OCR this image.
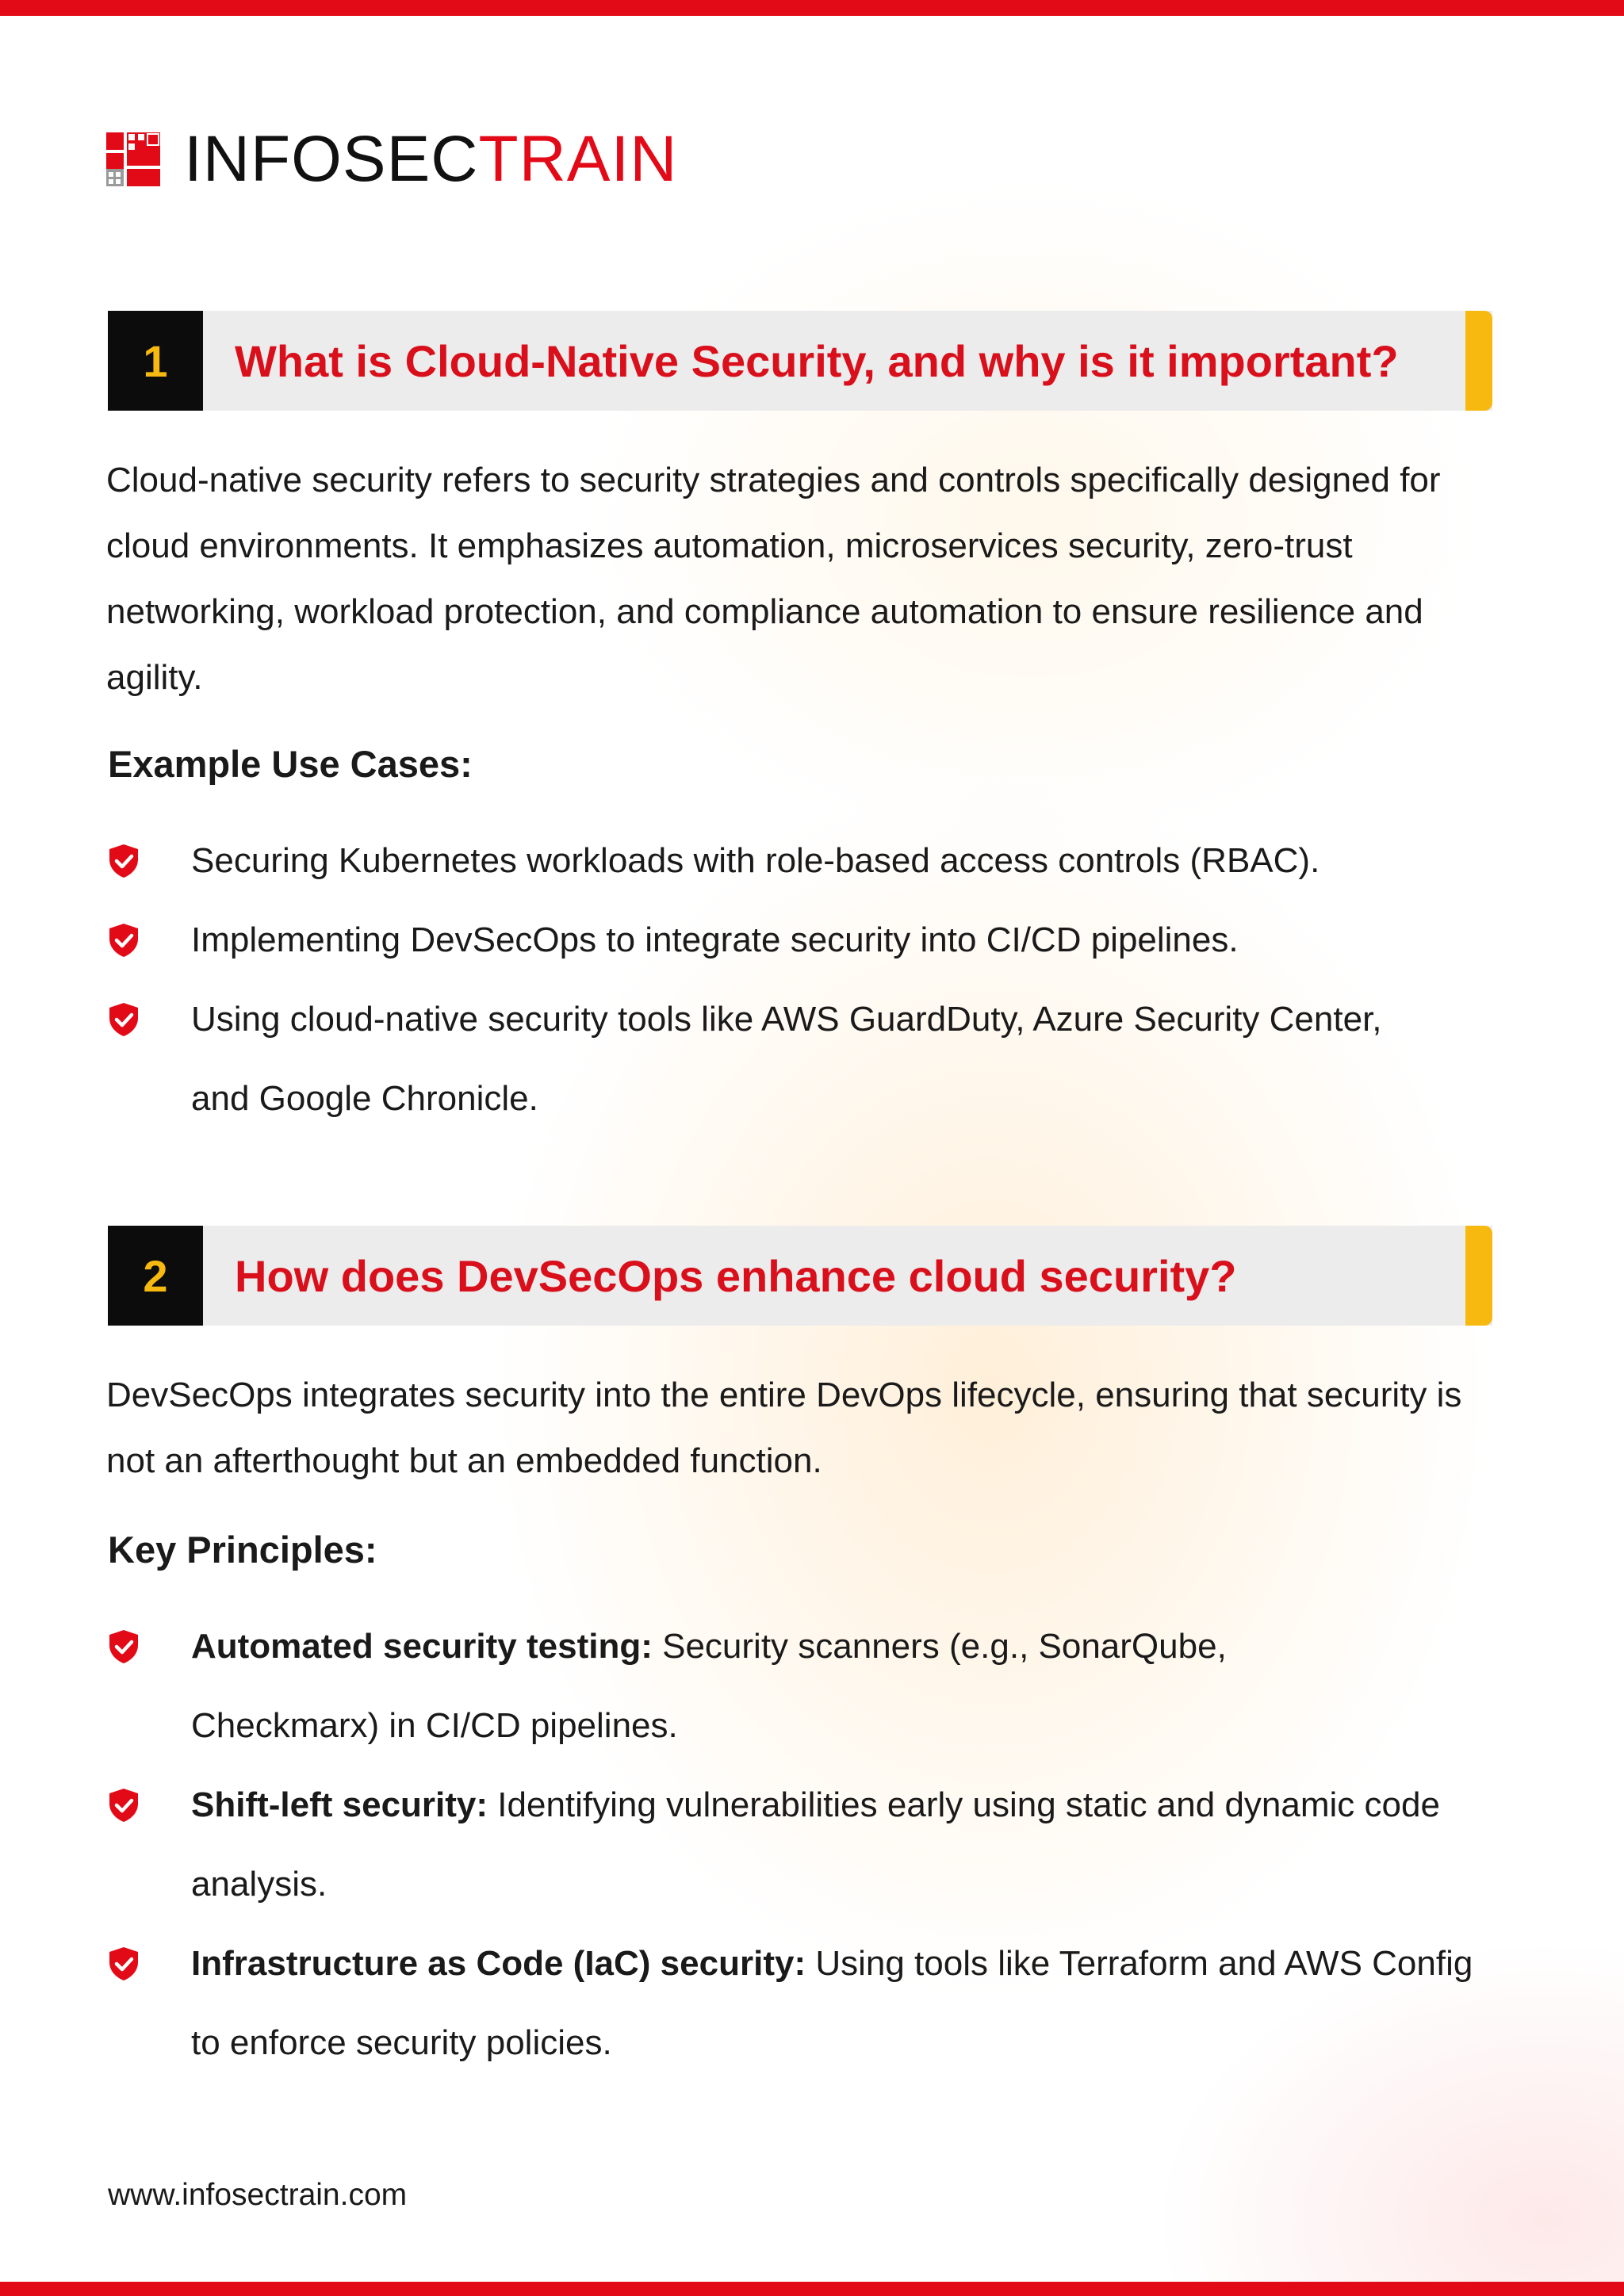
INFOSECTRAIN
1	What is Cloud-Native Security, and why is it important?
Cloud-native security refers to security strategies and controls specifically designed for cloud environments. It emphasizes automation, microservices security, zero-trust networking, workload protection, and compliance automation to ensure resilience and agility.
Example Use Cases:
Securing Kubernetes workloads with role-based access controls (RBAC).
Implementing DevSecOps to integrate security into CI/CD pipelines.
Using cloud-native security tools like AWS GuardDuty, Azure Security Center, and Google Chronicle.
2	How does DevSecOps enhance cloud security?
DevSecOps integrates security into the entire DevOps lifecycle, ensuring that security is not an afterthought but an embedded function.
Key Principles:
Automated security testing: Security scanners (e.g., SonarQube, Checkmarx) in CI/CD pipelines.
Shift-left security: Identifying vulnerabilities early using static and dynamic code analysis.
Infrastructure as Code (IaC) security: Using tools like Terraform and AWS Config to enforce security policies.
www.infosectrain.com
